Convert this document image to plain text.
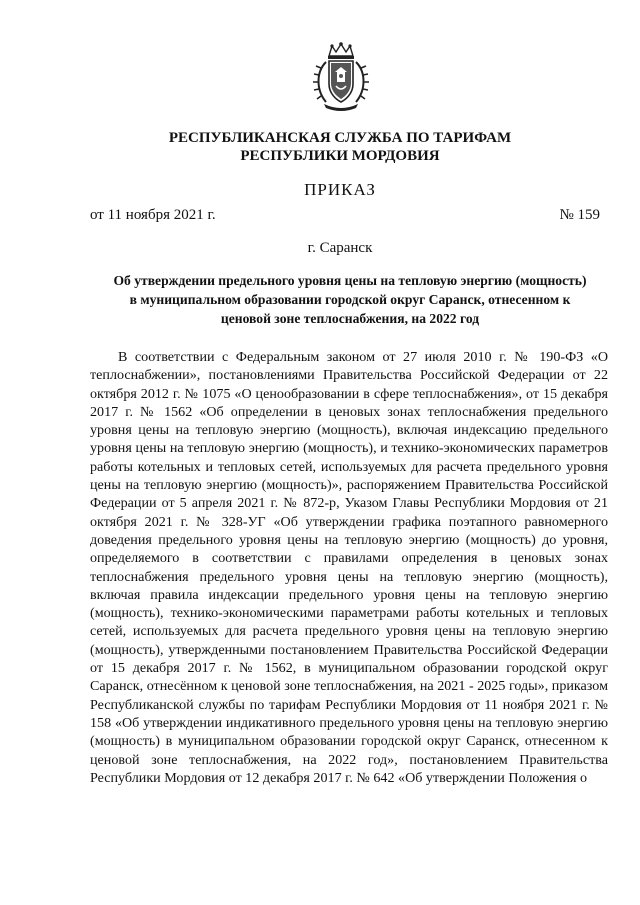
РЕСПУБЛИКАНСКАЯ СЛУЖБА ПО ТАРИФАМ
РЕСПУБЛИКИ МОРДОВИЯ
ПРИКАЗ
от 11 ноября 2021 г.	№ 159
г. Саранск
Об утверждении предельного уровня цены на тепловую энергию (мощность)
в муниципальном образовании городской округ Саранск, отнесенном к
ценовой зоне теплоснабжения, на 2022 год
В соответствии с Федеральным законом от 27 июля 2010 г. № 190-ФЗ «О теплоснабжении», постановлениями Правительства Российской Федерации от 22 октября 2012 г. № 1075 «О ценообразовании в сфере теплоснабжения», от 15 декабря 2017 г. № 1562 «Об определении в ценовых зонах теплоснабжения предельного уровня цены на тепловую энергию (мощность), включая индексацию предельного уровня цены на тепловую энергию (мощность), и технико-экономических параметров работы котельных и тепловых сетей, используемых для расчета предельного уровня цены на тепловую энергию (мощность)», распоряжением Правительства Российской Федерации от 5 апреля 2021 г. № 872-р, Указом Главы Республики Мордовия от 21 октября 2021 г. № 328-УГ «Об утверждении графика поэтапного равномерного доведения предельного уровня цены на тепловую энергию (мощность) до уровня, определяемого в соответствии с правилами определения в ценовых зонах теплоснабжения предельного уровня цены на тепловую энергию (мощность), включая правила индексации предельного уровня цены на тепловую энергию (мощность), технико-экономическими параметрами работы котельных и тепловых сетей, используемых для расчета предельного уровня цены на тепловую энергию (мощность), утвержденными постановлением Правительства Российской Федерации от 15 декабря 2017 г. № 1562, в муниципальном образовании городской округ Саранск, отнесённом к ценовой зоне теплоснабжения, на 2021 - 2025 годы», приказом Республиканской службы по тарифам Республики Мордовия от 11 ноября 2021 г. № 158 «Об утверждении индикативного предельного уровня цены на тепловую энергию (мощность) в муниципальном образовании городской округ Саранск, отнесенном к ценовой зоне теплоснабжения, на 2022 год», постановлением Правительства Республики Мордовия от 12 декабря 2017 г. № 642 «Об утверждении Положения о
